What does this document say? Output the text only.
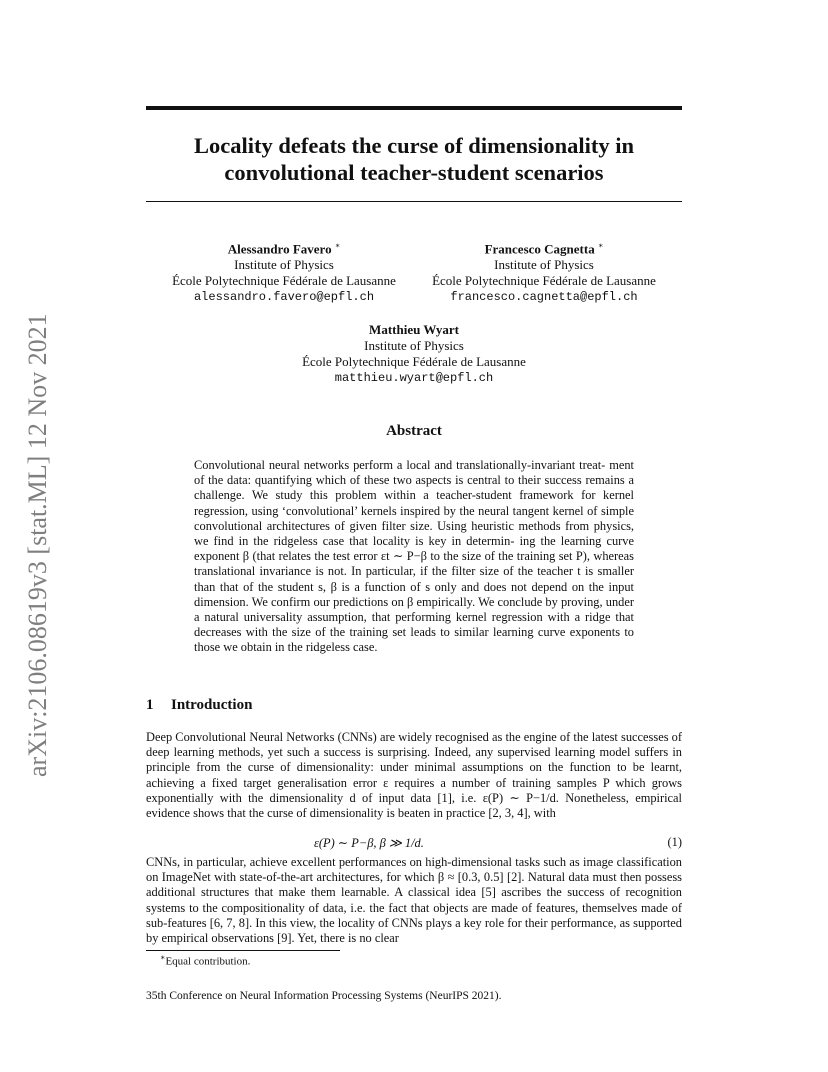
arXiv:2106.08619v3 [stat.ML] 12 Nov 2021
Locality defeats the curse of dimensionality in
convolutional teacher-student scenarios
Alessandro Favero ∗
Institute of Physics
École Polytechnique Fédérale de Lausanne
alessandro.favero@epfl.ch
Francesco Cagnetta ∗
Institute of Physics
École Polytechnique Fédérale de Lausanne
francesco.cagnetta@epfl.ch
Matthieu Wyart
Institute of Physics
École Polytechnique Fédérale de Lausanne
matthieu.wyart@epfl.ch
Abstract

Convolutional neural networks perform a local and translationally-invariant treat- ment of the data: quantifying which of these two aspects is central to their success remains a challenge. We study this problem within a teacher-student framework for kernel regression, using ‘convolutional’ kernels inspired by the neural tangent kernel of simple convolutional architectures of given filter size. Using heuristic methods from physics, we find in the ridgeless case that locality is key in determin- ing the learning curve exponent β (that relates the test error εt ∼ P−β to the size of the training set P), whereas translational invariance is not. In particular, if the filter size of the teacher t is smaller than that of the student s, β is a function of s only and does not depend on the input dimension. We confirm our predictions on β empirically. We conclude by proving, under a natural universality assumption, that performing kernel regression with a ridge that decreases with the size of the training set leads to similar learning curve exponents to those we obtain in the ridgeless case.

1 Introduction

Deep Convolutional Neural Networks (CNNs) are widely recognised as the engine of the latest successes of deep learning methods, yet such a success is surprising. Indeed, any supervised learning model suffers in principle from the curse of dimensionality: under minimal assumptions on the function to be learnt, achieving a fixed target generalisation error ε requires a number of training samples P which grows exponentially with the dimensionality d of input data [1], i.e. ε(P) ∼ P−1/d. Nonetheless, empirical evidence shows that the curse of dimensionality is beaten in practice [2, 3, 4], with

ε(P) ∼ P−β, β ≫ 1/d.	(1)

CNNs, in particular, achieve excellent performances on high-dimensional tasks such as image classification on ImageNet with state-of-the-art architectures, for which β ≈ [0.3, 0.5] [2]. Natural data must then possess additional structures that make them learnable. A classical idea [5] ascribes the success of recognition systems to the compositionality of data, i.e. the fact that objects are made of features, themselves made of sub-features [6, 7, 8]. In this view, the locality of CNNs plays a key role for their performance, as supported by empirical observations [9]. Yet, there is no clear

∗Equal contribution.
35th Conference on Neural Information Processing Systems (NeurIPS 2021).
